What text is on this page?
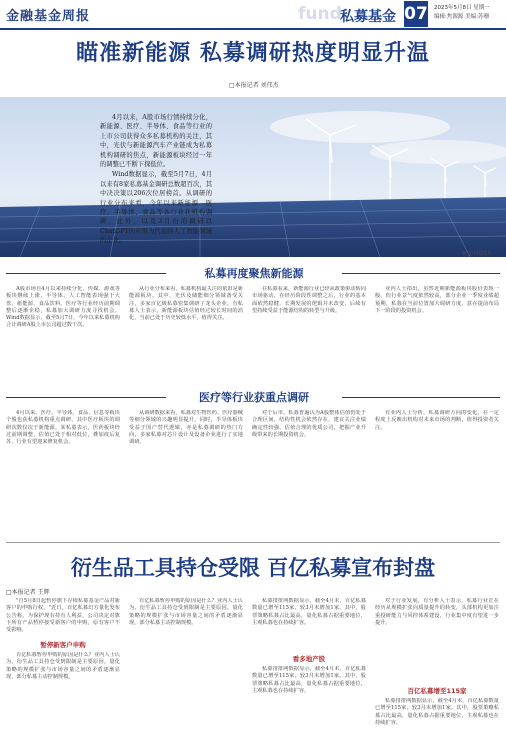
金融基金周报	fund
私募基金 07 2023年5月8日 星期一
编辑:焦源源 美编:苏珊
瞄准新能源 私募调研热度明显升温
□本报记者 刘伟杰

4月以来，A股市场行情持续分化，新能源、医疗、半导体、食品等行业的上市公司获得众多私募机构的关注，其中，光伏与新能源汽车产业链成为私募机构调研的焦点，新能源板块经过一年的调整已不断下探低位。

Wind数据显示，截至5月7日，4月以来有8家私募基金调研总数超百次，其中决决策以206次位居榜首。从调研的行业分布来看，今年以来新能源、医疗、半导体、食品等各行业获机构调研，此外，以及3月份的调研以ChatGPT的应用为代表的人工智能领域的企业。

视觉中国图片
私募再度聚焦新能源

A股市场自4月以来持续分化，传媒、游戏等板块继续上涨，半导体、人工智能表现强于大盘，新能源、食品饮料、医疗等行业经历前期调整后逐渐企稳，私募加大调研力度寻找机会。Wind数据显示，截至5月7日，今年以来私募机构合计调研A股上市公司超过数千次。

从行业分布来看，私募机构最关注的依旧是新能源板块。其中，光伏及储能细分领域备受关注，多家百亿级私募密集调研了龙头企业。有私募人士表示，新能源板块估值经过较长时间的消化，当前已处于历史较低水平，值得关注。

在私募看来，新能源行业已经从政策驱动转向市场驱动，在经历阶段性调整之后，行业的基本面依然稳健，长期发展的逻辑并未改变，后续有望持续受益于能源结构的转型与升级。

业内人士指出，虽然近期新能源板块股价表现一般，但行业景气度依然较高，部分企业一季度业绩超预期，私募在当前位置加大调研力度，意在提前布局下一阶段的投资机会。

医疗等行业获重点调研

4月以来，医疗、半导体、食品、信息等板块个股也获私募机构重点调研，其中医疗板块的调研次数仅次于新能源。某私募表示，医药板块经过前期调整，估值已处于相对低位，叠加疫后复苏，行业有望迎来修复机会。

从调研数据来看，私募对生物医药、医疗器械等细分领域的兴趣明显提升。同时，半导体板块受益于国产替代逻辑，亦是私募调研的热门方向，多家私募对芯片设计及设备企业进行了实地调研。

对于后市，私募普遍认为A股整体估值仍处于合理区间，结构性机会依然存在，建议关注业绩确定性较强、估值合理的优质公司，把握产业升级带来的长期投资机会。

有业内人士分析，私募调研方向的变化，在一定程度上反映出机构对未来市场的判断，值得投资者关注。

衍生品工具持仓受限 百亿私募宣布封盘
□本报记者 王辉

"自5月8日起暂停旗下存续私募基金产品对新客户的申购行权。"近日，百亿私募幻方量化发布公告称，为保护现有持有人利益，公司决定对旗下所有产品暂停接受新客户的申购，原有客户不受影响。

暂停新客户申购

百亿私募暂停申购的原因是什么？业内人士认为，衍生品工具持仓受到限制是主要原因。量化策略的规模扩张与市场容量之间的矛盾逐渐显现，部分私募主动控制规模。

百亿私募暂停申购的原因是什么？业内人士认为，衍生品工具持仓受到限制是主要原因。量化策略的规模扩张与市场容量之间的矛盾逐渐显现，部分私募主动控制规模。

私募排排网数据显示，截至4月末，百亿私募数量已增至115家，较3月末增加1家。其中，股票策略私募占比最高，量化私募占据重要地位，主观私募也在持续扩容。

看多地产股

私募排排网数据显示，截至4月末，百亿私募数量已增至115家，较3月末增加1家。其中，股票策略私募占比最高，量化私募占据重要地位，主观私募也在持续扩容。

对于行业发展，有分析人士表示，私募行业正在经历从规模扩张向质量提升的转变，头部机构更加注重投研能力与风控体系建设，行业集中度有望进一步提升。

百亿私募增至115家

私募排排网数据显示，截至4月末，百亿私募数量已增至115家，较3月末增加1家。其中，股票策略私募占比最高，量化私募占据重要地位，主观私募也在持续扩容。
